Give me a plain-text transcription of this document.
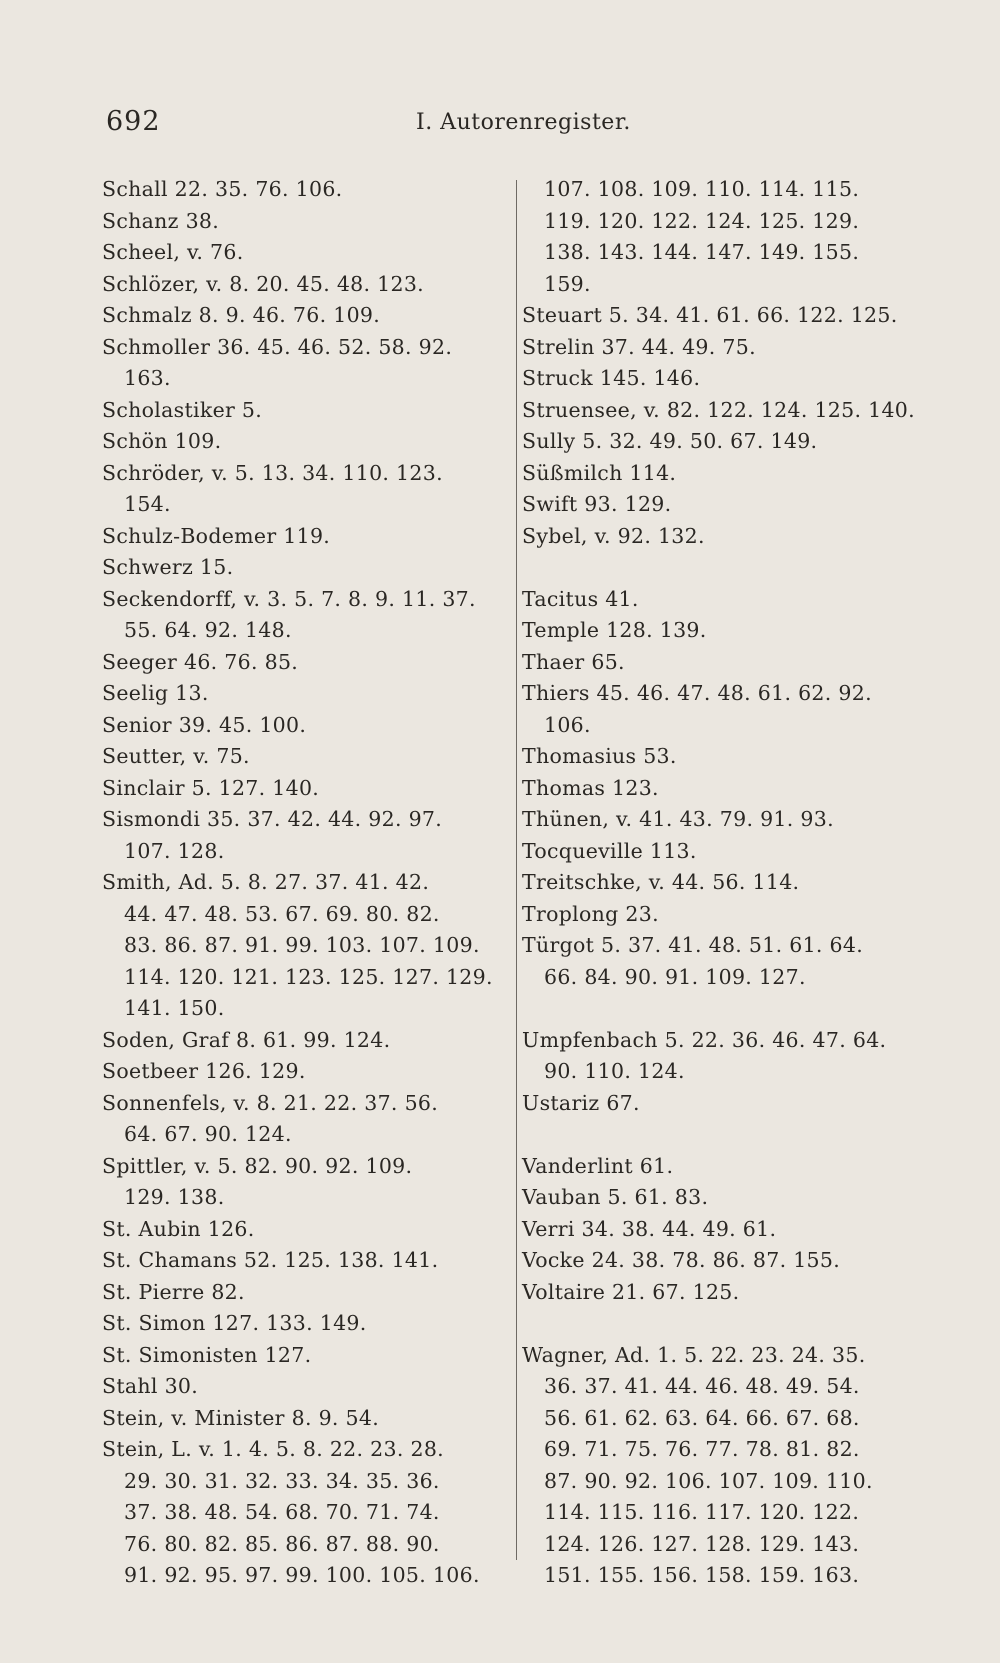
692	I. Autorenregister.
Schall 22. 35. 76. 106.
Schanz 38.
Scheel, v. 76.
Schlözer, v. 8. 20. 45. 48. 123.
Schmalz 8. 9. 46. 76. 109.
Schmoller 36. 45. 46. 52. 58. 92.
163.
Scholastiker 5.
Schön 109.
Schröder, v. 5. 13. 34. 110. 123.
154.
Schulz-Bodemer 119.
Schwerz 15.
Seckendorff, v. 3. 5. 7. 8. 9. 11. 37.
55. 64. 92. 148.
Seeger 46. 76. 85.
Seelig 13.
Senior 39. 45. 100.
Seutter, v. 75.
Sinclair 5. 127. 140.
Sismondi 35. 37. 42. 44. 92. 97.
107. 128.
Smith, Ad. 5. 8. 27. 37. 41. 42.
44. 47. 48. 53. 67. 69. 80. 82.
83. 86. 87. 91. 99. 103. 107. 109.
114. 120. 121. 123. 125. 127. 129.
141. 150.
Soden, Graf 8. 61. 99. 124.
Soetbeer 126. 129.
Sonnenfels, v. 8. 21. 22. 37. 56.
64. 67. 90. 124.
Spittler, v. 5. 82. 90. 92. 109.
129. 138.
St. Aubin 126.
St. Chamans 52. 125. 138. 141.
St. Pierre 82.
St. Simon 127. 133. 149.
St. Simonisten 127.
Stahl 30.
Stein, v. Minister 8. 9. 54.
Stein, L. v. 1. 4. 5. 8. 22. 23. 28.
29. 30. 31. 32. 33. 34. 35. 36.
37. 38. 48. 54. 68. 70. 71. 74.
76. 80. 82. 85. 86. 87. 88. 90.
91. 92. 95. 97. 99. 100. 105. 106.
107. 108. 109. 110. 114. 115.
119. 120. 122. 124. 125. 129.
138. 143. 144. 147. 149. 155.
159.
Steuart 5. 34. 41. 61. 66. 122. 125.
Strelin 37. 44. 49. 75.
Struck 145. 146.
Struensee, v. 82. 122. 124. 125. 140.
Sully 5. 32. 49. 50. 67. 149.
Süßmilch 114.
Swift 93. 129.
Sybel, v. 92. 132.
Tacitus 41.
Temple 128. 139.
Thaer 65.
Thiers 45. 46. 47. 48. 61. 62. 92.
106.
Thomasius 53.
Thomas 123.
Thünen, v. 41. 43. 79. 91. 93.
Tocqueville 113.
Treitschke, v. 44. 56. 114.
Troplong 23.
Türgot 5. 37. 41. 48. 51. 61. 64.
66. 84. 90. 91. 109. 127.
Umpfenbach 5. 22. 36. 46. 47. 64.
90. 110. 124.
Ustariz 67.
Vanderlint 61.
Vauban 5. 61. 83.
Verri 34. 38. 44. 49. 61.
Vocke 24. 38. 78. 86. 87. 155.
Voltaire 21. 67. 125.
Wagner, Ad. 1. 5. 22. 23. 24. 35.
36. 37. 41. 44. 46. 48. 49. 54.
56. 61. 62. 63. 64. 66. 67. 68.
69. 71. 75. 76. 77. 78. 81. 82.
87. 90. 92. 106. 107. 109. 110.
114. 115. 116. 117. 120. 122.
124. 126. 127. 128. 129. 143.
151. 155. 156. 158. 159. 163.
